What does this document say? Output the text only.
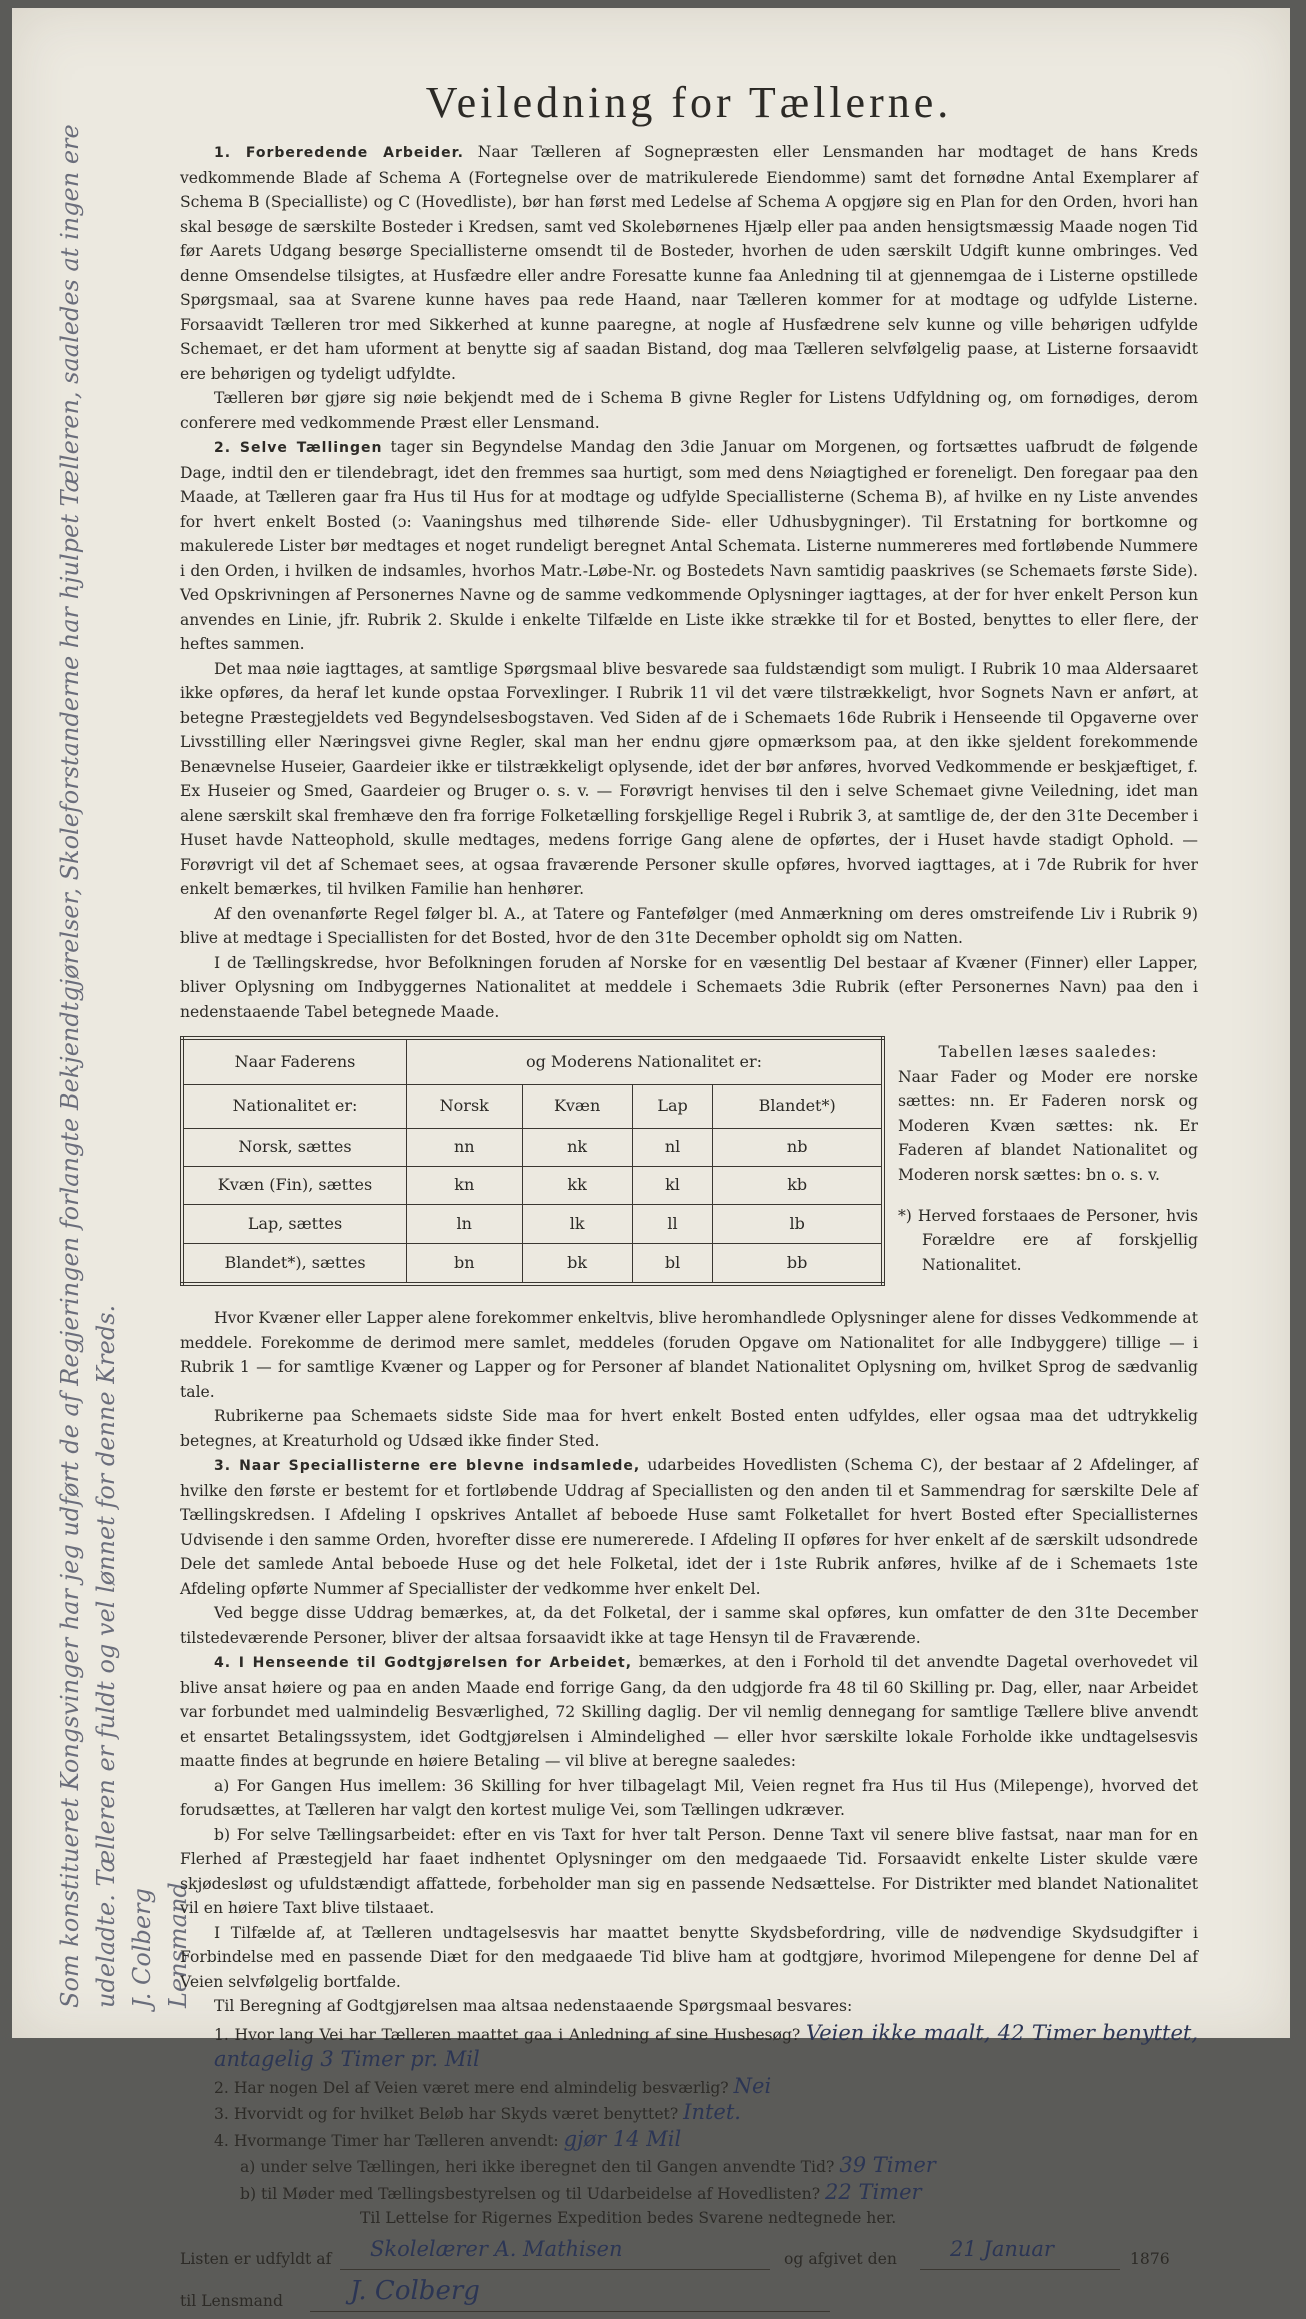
Som konstitueret Kongsvinger har jeg udført de af Regjeringen forlangte Bekjendtgjørelser, Skoleforstanderne har hjulpet Tælleren, saaledes at ingen ere udeladte. Tælleren er fuldt og vel lønnet for denne Kreds.
J. Colberg
Lensmand
Veiledning for Tællerne.

1. Forberedende Arbeider. Naar Tælleren af Sognepræsten eller Lensmanden har modtaget de hans Kreds vedkommende Blade af Schema A (Fortegnelse over de matrikulerede Eiendomme) samt det fornødne Antal Exemplarer af Schema B (Specialliste) og C (Hovedliste), bør han først med Ledelse af Schema A opgjøre sig en Plan for den Orden, hvori han skal besøge de særskilte Bosteder i Kredsen, samt ved Skolebørnenes Hjælp eller paa anden hensigtsmæssig Maade nogen Tid før Aarets Udgang besørge Speciallisterne omsendt til de Bosteder, hvorhen de uden særskilt Udgift kunne ombringes. Ved denne Omsendelse tilsigtes, at Husfædre eller andre Foresatte kunne faa Anledning til at gjennemgaa de i Listerne opstillede Spørgsmaal, saa at Svarene kunne haves paa rede Haand, naar Tælleren kommer for at modtage og udfylde Listerne. Forsaavidt Tælleren tror med Sikkerhed at kunne paaregne, at nogle af Husfædrene selv kunne og ville behørigen udfylde Schemaet, er det ham uforment at benytte sig af saadan Bistand, dog maa Tælleren selvfølgelig paase, at Listerne forsaavidt ere behørigen og tydeligt udfyldte.

Tælleren bør gjøre sig nøie bekjendt med de i Schema B givne Regler for Listens Udfyldning og, om fornødiges, derom conferere med vedkommende Præst eller Lensmand.

2. Selve Tællingen tager sin Begyndelse Mandag den 3die Januar om Morgenen, og fortsættes uafbrudt de følgende Dage, indtil den er tilendebragt, idet den fremmes saa hurtigt, som med dens Nøiagtighed er foreneligt. Den foregaar paa den Maade, at Tælleren gaar fra Hus til Hus for at modtage og udfylde Speciallisterne (Schema B), af hvilke en ny Liste anvendes for hvert enkelt Bosted (ɔ: Vaaningshus med tilhørende Side- eller Udhusbygninger). Til Erstatning for bortkomne og makulerede Lister bør medtages et noget rundeligt beregnet Antal Schemata. Listerne nummereres med fortløbende Nummere i den Orden, i hvilken de indsamles, hvorhos Matr.-Løbe-Nr. og Bostedets Navn samtidig paaskrives (se Schemaets første Side). Ved Opskrivningen af Personernes Navne og de samme vedkommende Oplysninger iagttages, at der for hver enkelt Person kun anvendes en Linie, jfr. Rubrik 2. Skulde i enkelte Tilfælde en Liste ikke strække til for et Bosted, benyttes to eller flere, der heftes sammen.

Det maa nøie iagttages, at samtlige Spørgsmaal blive besvarede saa fuldstændigt som muligt. I Rubrik 10 maa Aldersaaret ikke opføres, da heraf let kunde opstaa Forvexlinger. I Rubrik 11 vil det være tilstrækkeligt, hvor Sognets Navn er anført, at betegne Præstegjeldets ved Begyndelsesbogstaven. Ved Siden af de i Schemaets 16de Rubrik i Henseende til Opgaverne over Livsstilling eller Næringsvei givne Regler, skal man her endnu gjøre opmærksom paa, at den ikke sjeldent forekommende Benævnelse Huseier, Gaardeier ikke er tilstrækkeligt oplysende, idet der bør anføres, hvorved Vedkommende er beskjæftiget, f. Ex Huseier og Smed, Gaardeier og Bruger o. s. v. — Forøvrigt henvises til den i selve Schemaet givne Veiledning, idet man alene særskilt skal fremhæve den fra forrige Folketælling forskjellige Regel i Rubrik 3, at samtlige de, der den 31te December i Huset havde Natteophold, skulle medtages, medens forrige Gang alene de opførtes, der i Huset havde stadigt Ophold. — Forøvrigt vil det af Schemaet sees, at ogsaa fraværende Personer skulle opføres, hvorved iagttages, at i 7de Rubrik for hver enkelt bemærkes, til hvilken Familie han henhører.

Af den ovenanførte Regel følger bl. A., at Tatere og Fantefølger (med Anmærkning om deres omstreifende Liv i Rubrik 9) blive at medtage i Speciallisten for det Bosted, hvor de den 31te December opholdt sig om Natten.

I de Tællingskredse, hvor Befolkningen foruden af Norske for en væsentlig Del bestaar af Kvæner (Finner) eller Lapper, bliver Oplysning om Indbyggernes Nationalitet at meddele i Schemaets 3die Rubrik (efter Personernes Navn) paa den i nedenstaaende Tabel betegnede Maade.

Naar Faderens	og Moderens Nationalitet er:			
Nationalitet er:	Norsk	Kvæn	Lap	Blandet*)
Norsk, sættes	nn	nk	nl	nb
Kvæn (Fin), sættes	kn	kk	kl	kb
Lap, sættes	ln	lk	ll	lb
Blandet*), sættes	bn	bk	bl	bb
Tabellen læses saaledes:
Naar Fader og Moder ere norske sættes: nn. Er Faderen norsk og Moderen Kvæn sættes: nk. Er Faderen af blandet Nationalitet og Moderen norsk sættes: bn o. s. v.
*) Herved forstaaes de Personer, hvis Forældre ere af forskjellig Nationalitet.

Hvor Kvæner eller Lapper alene forekommer enkeltvis, blive heromhandlede Oplysninger alene for disses Vedkommende at meddele. Forekomme de derimod mere samlet, meddeles (foruden Opgave om Nationalitet for alle Indbyggere) tillige — i Rubrik 1 — for samtlige Kvæner og Lapper og for Personer af blandet Nationalitet Oplysning om, hvilket Sprog de sædvanlig tale.

Rubrikerne paa Schemaets sidste Side maa for hvert enkelt Bosted enten udfyldes, eller ogsaa maa det udtrykkelig betegnes, at Kreaturhold og Udsæd ikke finder Sted.

3. Naar Speciallisterne ere blevne indsamlede, udarbeides Hovedlisten (Schema C), der bestaar af 2 Afdelinger, af hvilke den første er bestemt for et fortløbende Uddrag af Speciallisten og den anden til et Sammendrag for særskilte Dele af Tællingskredsen. I Afdeling I opskrives Antallet af beboede Huse samt Folketallet for hvert Bosted efter Speciallisternes Udvisende i den samme Orden, hvorefter disse ere numererede. I Afdeling II opføres for hver enkelt af de særskilt udsondrede Dele det samlede Antal beboede Huse og det hele Folketal, idet der i 1ste Rubrik anføres, hvilke af de i Schemaets 1ste Afdeling opførte Nummer af Speciallister der vedkomme hver enkelt Del.

Ved begge disse Uddrag bemærkes, at, da det Folketal, der i samme skal opføres, kun omfatter de den 31te December tilstedeværende Personer, bliver der altsaa forsaavidt ikke at tage Hensyn til de Fraværende.

4. I Henseende til Godtgjørelsen for Arbeidet, bemærkes, at den i Forhold til det anvendte Dagetal overhovedet vil blive ansat høiere og paa en anden Maade end forrige Gang, da den udgjorde fra 48 til 60 Skilling pr. Dag, eller, naar Arbeidet var forbundet med ualmindelig Besværlighed, 72 Skilling daglig. Der vil nemlig dennegang for samtlige Tællere blive anvendt et ensartet Betalingssystem, idet Godtgjørelsen i Almindelighed — eller hvor særskilte lokale Forholde ikke undtagelsesvis maatte findes at begrunde en høiere Betaling — vil blive at beregne saaledes:

a) For Gangen Hus imellem: 36 Skilling for hver tilbagelagt Mil, Veien regnet fra Hus til Hus (Milepenge), hvorved det forudsættes, at Tælleren har valgt den kortest mulige Vei, som Tællingen udkræver.

b) For selve Tællingsarbeidet: efter en vis Taxt for hver talt Person. Denne Taxt vil senere blive fastsat, naar man for en Flerhed af Præstegjeld har faaet indhentet Oplysninger om den medgaaede Tid. Forsaavidt enkelte Lister skulde være skjødesløst og ufuldstændigt affattede, forbeholder man sig en passende Nedsættelse. For Distrikter med blandet Nationalitet vil en høiere Taxt blive tilstaaet.

I Tilfælde af, at Tælleren undtagelsesvis har maattet benytte Skydsbefordring, ville de nødvendige Skydsudgifter i Forbindelse med en passende Diæt for den medgaaede Tid blive ham at godtgjøre, hvorimod Milepengene for denne Del af Veien selvfølgelig bortfalde.

Til Beregning af Godtgjørelsen maa altsaa nedenstaaende Spørgsmaal besvares:

1. Hvor lang Vei har Tælleren maattet gaa i Anledning af sine Husbesøg? Veien ikke maalt, 42 Timer benyttet, antagelig 3 Timer pr. Mil
2. Har nogen Del af Veien været mere end almindelig besværlig? Nei
3. Hvorvidt og for hvilket Beløb har Skyds været benyttet? Intet.
4. Hvormange Timer har Tælleren anvendt: gjør 14 Mil
a) under selve Tællingen, heri ikke iberegnet den til Gangen anvendte Tid? 39 Timer
b) til Møder med Tællingsbestyrelsen og til Udarbeidelse af Hovedlisten? 22 Timer
Til Lettelse for Rigernes Expedition bedes Svarene nedtegnede her.
Listen er udfyldt af Skolelærer A. Mathisen	og afgivet den	21 Januar	1876
til Lensmand	J. Colberg
